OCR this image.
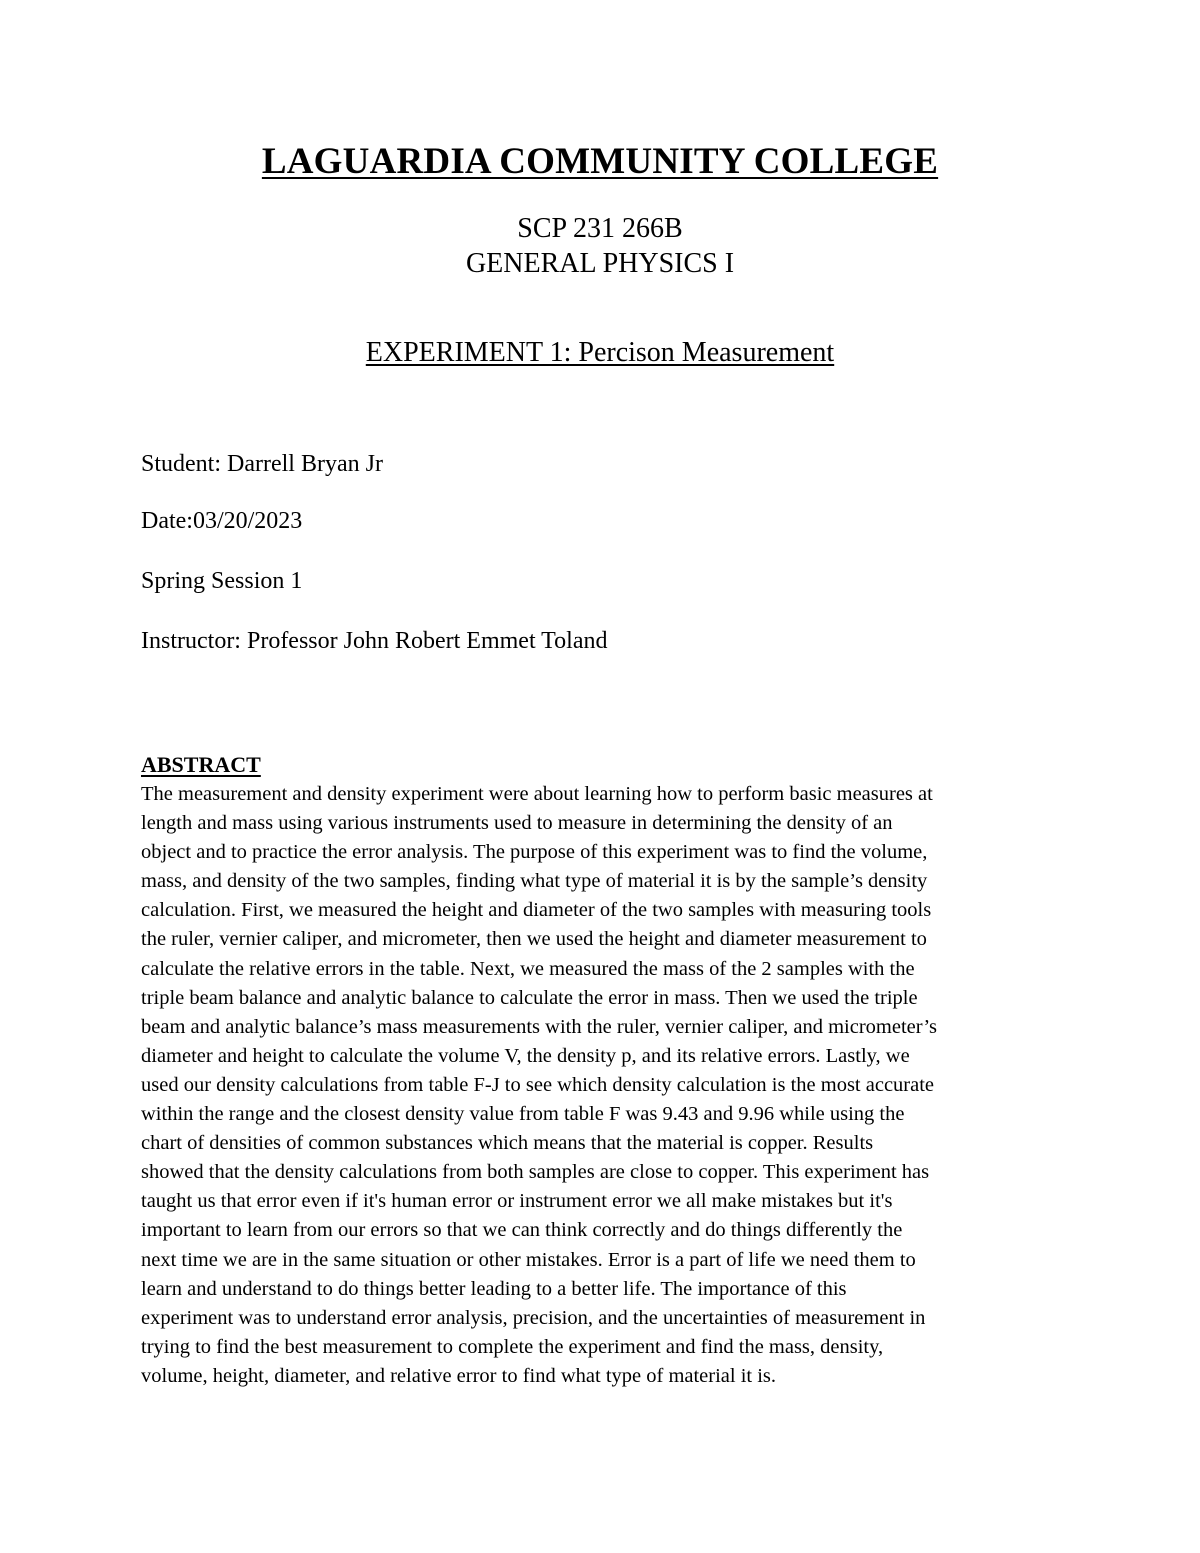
LAGUARDIA COMMUNITY COLLEGE
SCP 231 266B
GENERAL PHYSICS I
EXPERIMENT 1: Percison Measurement
Student: Darrell Bryan Jr
Date:03/20/2023
Spring Session 1
Instructor: Professor John Robert Emmet Toland
ABSTRACT

The measurement and density experiment were about learning how to perform basic measures at
length and mass using various instruments used to measure in determining the density of an
object and to practice the error analysis. The purpose of this experiment was to find the volume,
mass, and density of the two samples, finding what type of material it is by the sample’s density
calculation. First, we measured the height and diameter of the two samples with measuring tools
the ruler, vernier caliper, and micrometer, then we used the height and diameter measurement to
calculate the relative errors in the table. Next, we measured the mass of the 2 samples with the
triple beam balance and analytic balance to calculate the error in mass. Then we used the triple
beam and analytic balance’s mass measurements with the ruler, vernier caliper, and micrometer’s
diameter and height to calculate the volume V, the density p, and its relative errors. Lastly, we
used our density calculations from table F-J to see which density calculation is the most accurate
within the range and the closest density value from table F was 9.43 and 9.96 while using the
chart of densities of common substances which means that the material is copper. Results
showed that the density calculations from both samples are close to copper. This experiment has
taught us that error even if it's human error or instrument error we all make mistakes but it's
important to learn from our errors so that we can think correctly and do things differently the
next time we are in the same situation or other mistakes. Error is a part of life we need them to
learn and understand to do things better leading to a better life. The importance of this
experiment was to understand error analysis, precision, and the uncertainties of measurement in
trying to find the best measurement to complete the experiment and find the mass, density,
volume, height, diameter, and relative error to find what type of material it is.
